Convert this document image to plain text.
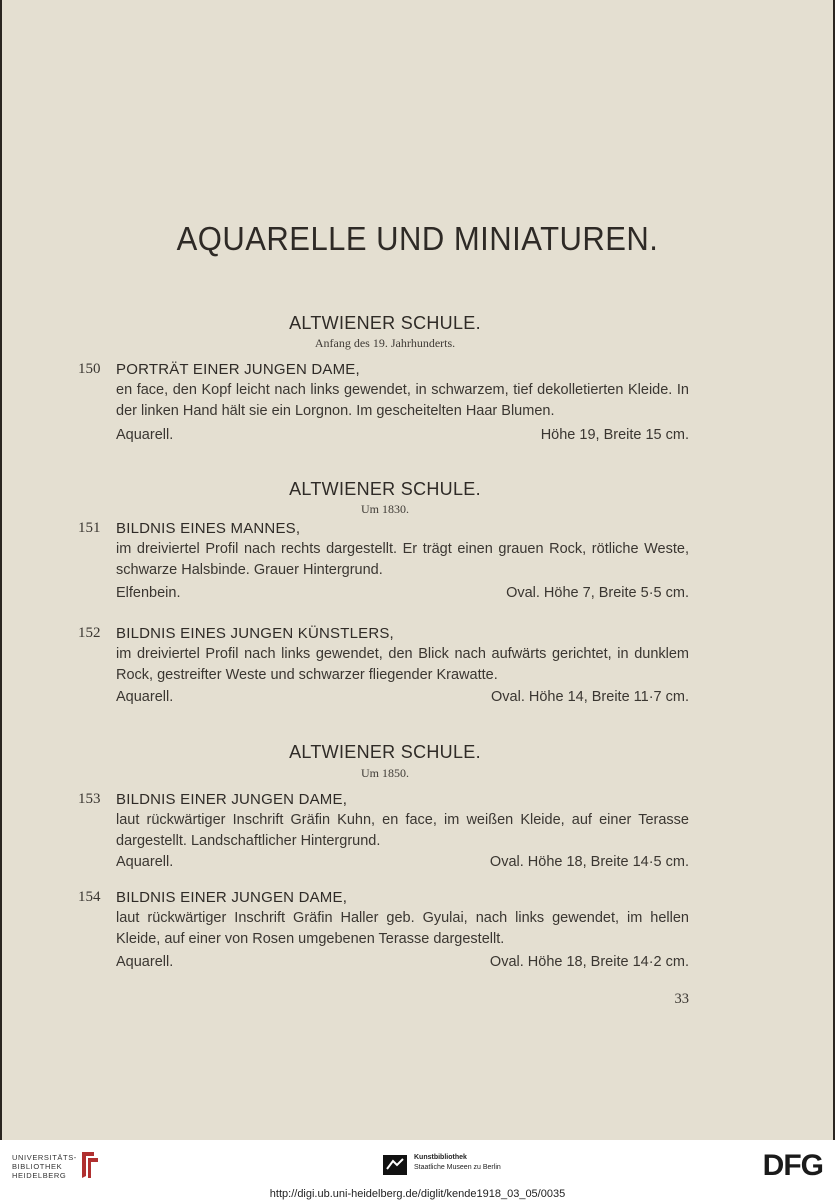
AQUARELLE UND MINIATUREN.
ALTWIENER SCHULE.
Anfang des 19. Jahrhunderts.
150 PORTRÄT EINER JUNGEN DAME,

en face, den Kopf leicht nach links gewendet, in schwarzem, tief dekolletierten Kleide. In der linken Hand hält sie ein Lorgnon. Im gescheitelten Haar Blumen.

Aquarell.	Höhe 19, Breite 15 cm.
ALTWIENER SCHULE.
Um 1830.
151 BILDNIS EINES MANNES,

im dreiviertel Profil nach rechts dargestellt. Er trägt einen grauen Rock, rötliche Weste, schwarze Halsbinde. Grauer Hintergrund.

Elfenbein.	Oval. Höhe 7, Breite 5·5 cm.
152 BILDNIS EINES JUNGEN KÜNSTLERS,

im dreiviertel Profil nach links gewendet, den Blick nach aufwärts gerichtet, in dunklem Rock, gestreifter Weste und schwarzer fliegender Krawatte.

Aquarell.	Oval. Höhe 14, Breite 11·7 cm.
ALTWIENER SCHULE.
Um 1850.
153 BILDNIS EINER JUNGEN DAME,

laut rückwärtiger Inschrift Gräfin Kuhn, en face, im weißen Kleide, auf einer Terasse dargestellt. Landschaftlicher Hintergrund.

Aquarell.	Oval. Höhe 18, Breite 14·5 cm.
154 BILDNIS EINER JUNGEN DAME,

laut rückwärtiger Inschrift Gräfin Haller geb. Gyulai, nach links gewendet, im hellen Kleide, auf einer von Rosen umgebenen Terasse dargestellt.

Aquarell.	Oval. Höhe 18, Breite 14·2 cm.
33
UNIVERSITÄTS-
BIBLIOTHEK
HEIDELBERG
Kunstbibliothek
Staatliche Museen zu Berlin	DFG
http://digi.ub.uni-heidelberg.de/diglit/kende1918_03_05/0035
